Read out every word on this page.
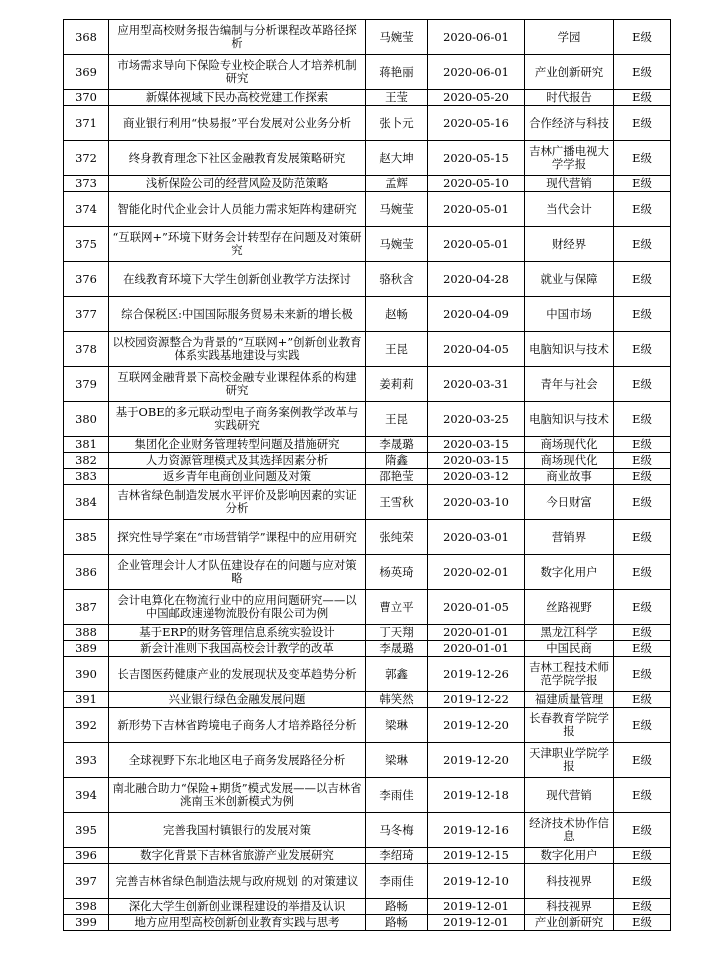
368	应用型高校财务报告编制与分析课程改革路径探析	马婉莹	2020-06-01	学园	E级
369	市场需求导向下保险专业校企联合人才培养机制研究	蒋艳丽	2020-06-01	产业创新研究	E级
370	新媒体视域下民办高校党建工作探索	王莹	2020-05-20	时代报告	E级
371	商业银行利用“快易报”平台发展对公业务分析	张卜元	2020-05-16	合作经济与科技	E级
372	终身教育理念下社区金融教育发展策略研究	赵大坤	2020-05-15	吉林广播电视大学学报	E级
373	浅析保险公司的经营风险及防范策略	孟辉	2020-05-10	现代营销	E级
374	智能化时代企业会计人员能力需求矩阵构建研究	马婉莹	2020-05-01	当代会计	E级
375	“互联网+”环境下财务会计转型存在问题及对策研究	马婉莹	2020-05-01	财经界	E级
376	在线教育环境下大学生创新创业教学方法探讨	骆秋含	2020-04-28	就业与保障	E级
377	综合保税区:中国国际服务贸易未来新的增长极	赵畅	2020-04-09	中国市场	E级
378	以校园资源整合为背景的“互联网+”创新创业教育体系实践基地建设与实践	王昆	2020-04-05	电脑知识与技术	E级
379	互联网金融背景下高校金融专业课程体系的构建研究	姜莉莉	2020-03-31	青年与社会	E级
380	基于OBE的多元联动型电子商务案例教学改革与实践研究	王昆	2020-03-25	电脑知识与技术	E级
381	集团化企业财务管理转型问题及措施研究	李晟璐	2020-03-15	商场现代化	E级
382	人力资源管理模式及其选择因素分析	隋鑫	2020-03-15	商场现代化	E级
383	返乡青年电商创业问题及对策	邵艳莹	2020-03-12	商业故事	E级
384	吉林省绿色制造发展水平评价及影响因素的实证分析	王雪秋	2020-03-10	今日财富	E级
385	探究性导学案在“市场营销学”课程中的应用研究	张纯荣	2020-03-01	营销界	E级
386	企业管理会计人才队伍建设存在的问题与应对策略	杨英琦	2020-02-01	数字化用户	E级
387	会计电算化在物流行业中的应用问题研究——以中国邮政速递物流股份有限公司为例	曹立平	2020-01-05	丝路视野	E级
388	基于ERP的财务管理信息系统实验设计	丁天翔	2020-01-01	黑龙江科学	E级
389	新会计准则下我国高校会计教学的改革	李晟璐	2020-01-01	中国民商	E级
390	长吉图医药健康产业的发展现状及变革趋势分析	郭鑫	2019-12-26	吉林工程技术师范学院学报	E级
391	兴业银行绿色金融发展问题	韩笑然	2019-12-22	福建质量管理	E级
392	新形势下吉林省跨境电子商务人才培养路径分析	梁琳	2019-12-20	长春教育学院学报	E级
393	全球视野下东北地区电子商务发展路径分析	梁琳	2019-12-20	天津职业学院学报	E级
394	南北融合助力“保险+期货”模式发展——以吉林省洮南玉米创新模式为例	李雨佳	2019-12-18	现代营销	E级
395	完善我国村镇银行的发展对策	马冬梅	2019-12-16	经济技术协作信息	E级
396	数字化背景下吉林省旅游产业发展研究	李绍琦	2019-12-15	数字化用户	E级
397	完善吉林省绿色制造法规与政府规划 的对策建议	李雨佳	2019-12-10	科技视界	E级
398	深化大学生创新创业课程建设的举措及认识	路畅	2019-12-01	科技视界	E级
399	地方应用型高校创新创业教育实践与思考	路畅	2019-12-01	产业创新研究	E级
